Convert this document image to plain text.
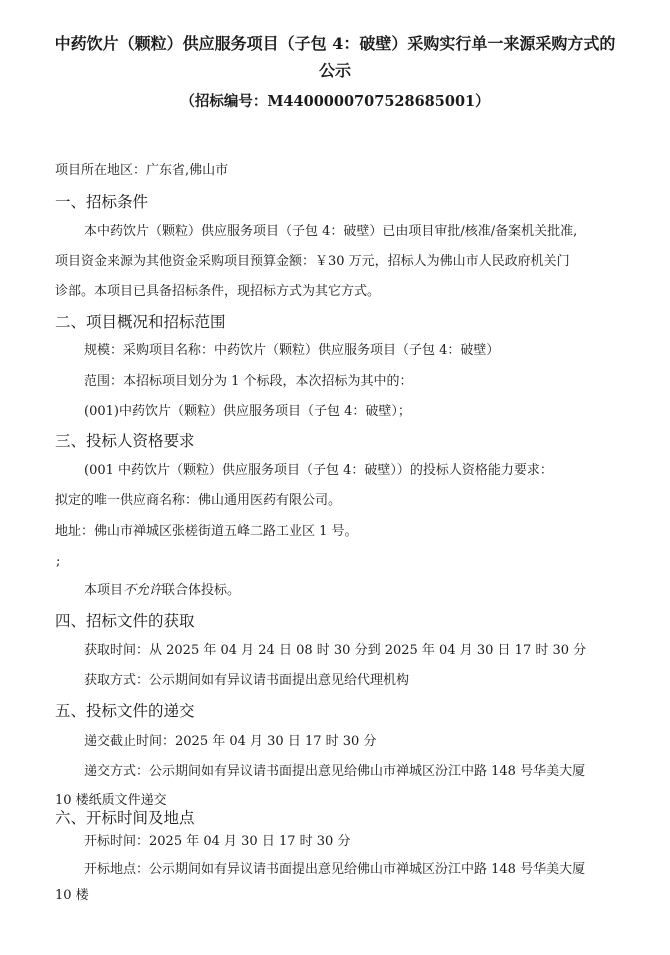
中药饮片（颗粒）供应服务项目（子包 4：破壁）采购实行单一来源采购方式的
公示
（招标编号：M4400000707528685001）
项目所在地区：广东省,佛山市
一、招标条件
本中药饮片（颗粒）供应服务项目（子包 4：破壁）已由项目审批/核准/备案机关批准,
项目资金来源为其他资金采购项目预算金额：￥30 万元，招标人为佛山市人民政府机关门
诊部。本项目已具备招标条件，现招标方式为其它方式。
二、项目概况和招标范围
规模：采购项目名称：中药饮片（颗粒）供应服务项目（子包 4：破壁）
范围：本招标项目划分为 1 个标段，本次招标为其中的：
(001)中药饮片（颗粒）供应服务项目（子包 4：破壁）；
三、投标人资格要求
(001 中药饮片（颗粒）供应服务项目（子包 4：破壁））的投标人资格能力要求：
拟定的唯一供应商名称：佛山通用医药有限公司。
地址：佛山市禅城区张槎街道五峰二路工业区 1 号。
;
本项目不允许联合体投标。
四、招标文件的获取
获取时间：从 2025 年 04 月 24 日 08 时 30 分到 2025 年 04 月 30 日 17 时 30 分
获取方式：公示期间如有异议请书面提出意见给代理机构
五、投标文件的递交
递交截止时间：2025 年 04 月 30 日 17 时 30 分
递交方式：公示期间如有异议请书面提出意见给佛山市禅城区汾江中路 148 号华美大厦
10 楼纸质文件递交
六、开标时间及地点
开标时间：2025 年 04 月 30 日 17 时 30 分
开标地点：公示期间如有异议请书面提出意见给佛山市禅城区汾江中路 148 号华美大厦
10 楼
